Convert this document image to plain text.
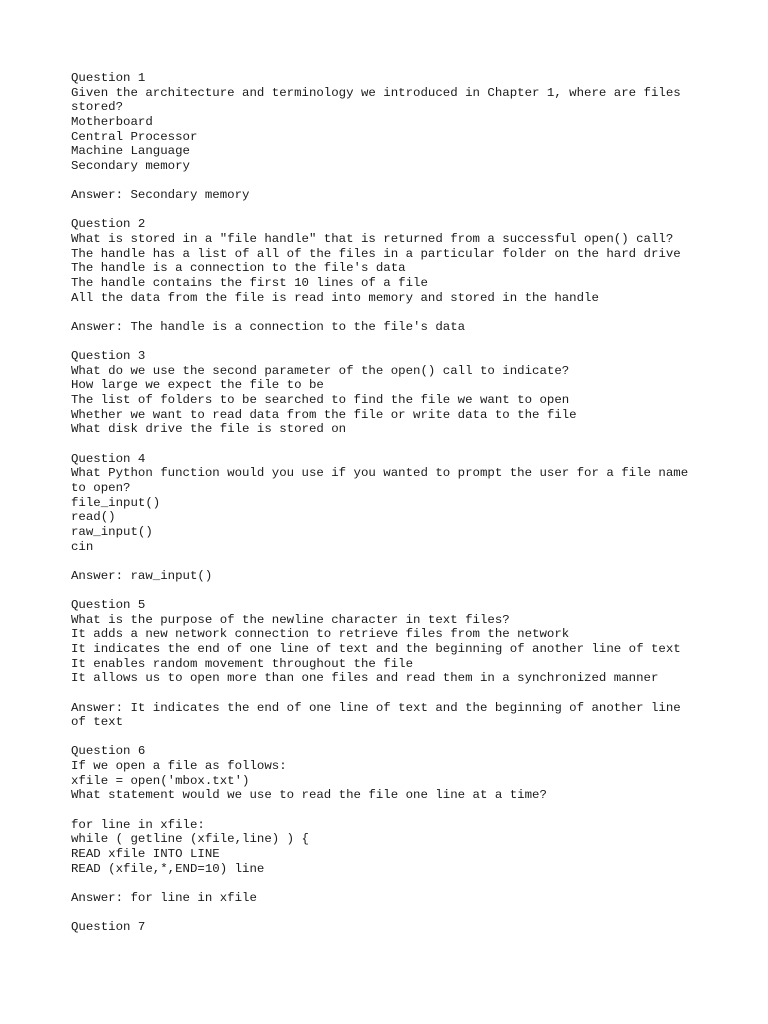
Question 1
Given the architecture and terminology we introduced in Chapter 1, where are files
stored?
Motherboard
Central Processor
Machine Language
Secondary memory
Answer: Secondary memory
Question 2
What is stored in a "file handle" that is returned from a successful open() call?
The handle has a list of all of the files in a particular folder on the hard drive
The handle is a connection to the file's data
The handle contains the first 10 lines of a file
All the data from the file is read into memory and stored in the handle
Answer: The handle is a connection to the file's data
Question 3
What do we use the second parameter of the open() call to indicate?
How large we expect the file to be
The list of folders to be searched to find the file we want to open
Whether we want to read data from the file or write data to the file
What disk drive the file is stored on
Question 4
What Python function would you use if you wanted to prompt the user for a file name
to open?
file_input()
read()
raw_input()
cin
Answer: raw_input()
Question 5
What is the purpose of the newline character in text files?
It adds a new network connection to retrieve files from the network
It indicates the end of one line of text and the beginning of another line of text
It enables random movement throughout the file
It allows us to open more than one files and read them in a synchronized manner
Answer: It indicates the end of one line of text and the beginning of another line
of text
Question 6
If we open a file as follows:
xfile = open('mbox.txt')
What statement would we use to read the file one line at a time?
for line in xfile:
while ( getline (xfile,line) ) {
READ xfile INTO LINE
READ (xfile,*,END=10) line
Answer: for line in xfile
Question 7
